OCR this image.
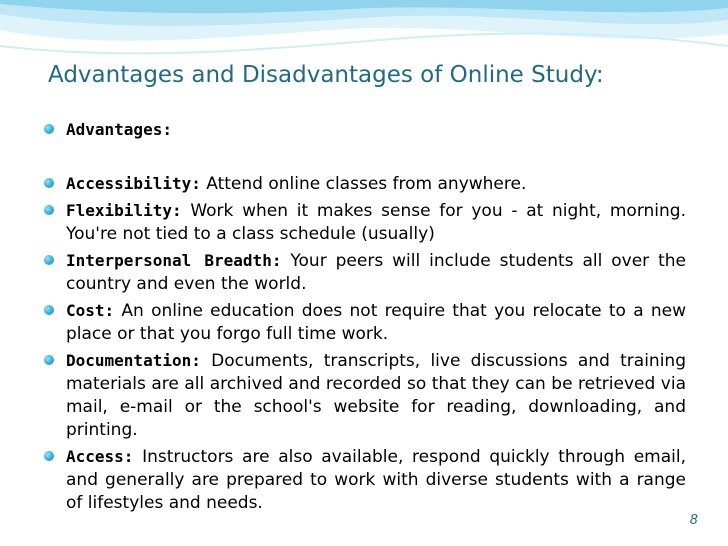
Advantages and Disadvantages of Online Study:
Advantages:
Accessibility: Attend online classes from anywhere.
Flexibility: Work when it makes sense for you - at night, morning. You're not tied to a class schedule (usually)
Interpersonal Breadth: Your peers will include students all over the country and even the world.
Cost: An online education does not require that you relocate to a new place or that you forgo full time work.
Documentation: Documents, transcripts, live discussions and training materials are all archived and recorded so that they can be retrieved via mail, e-mail or the school's website for reading, downloading, and printing.
Access: Instructors are also available, respond quickly through email, and generally are prepared to work with diverse students with a range of lifestyles and needs.
8
